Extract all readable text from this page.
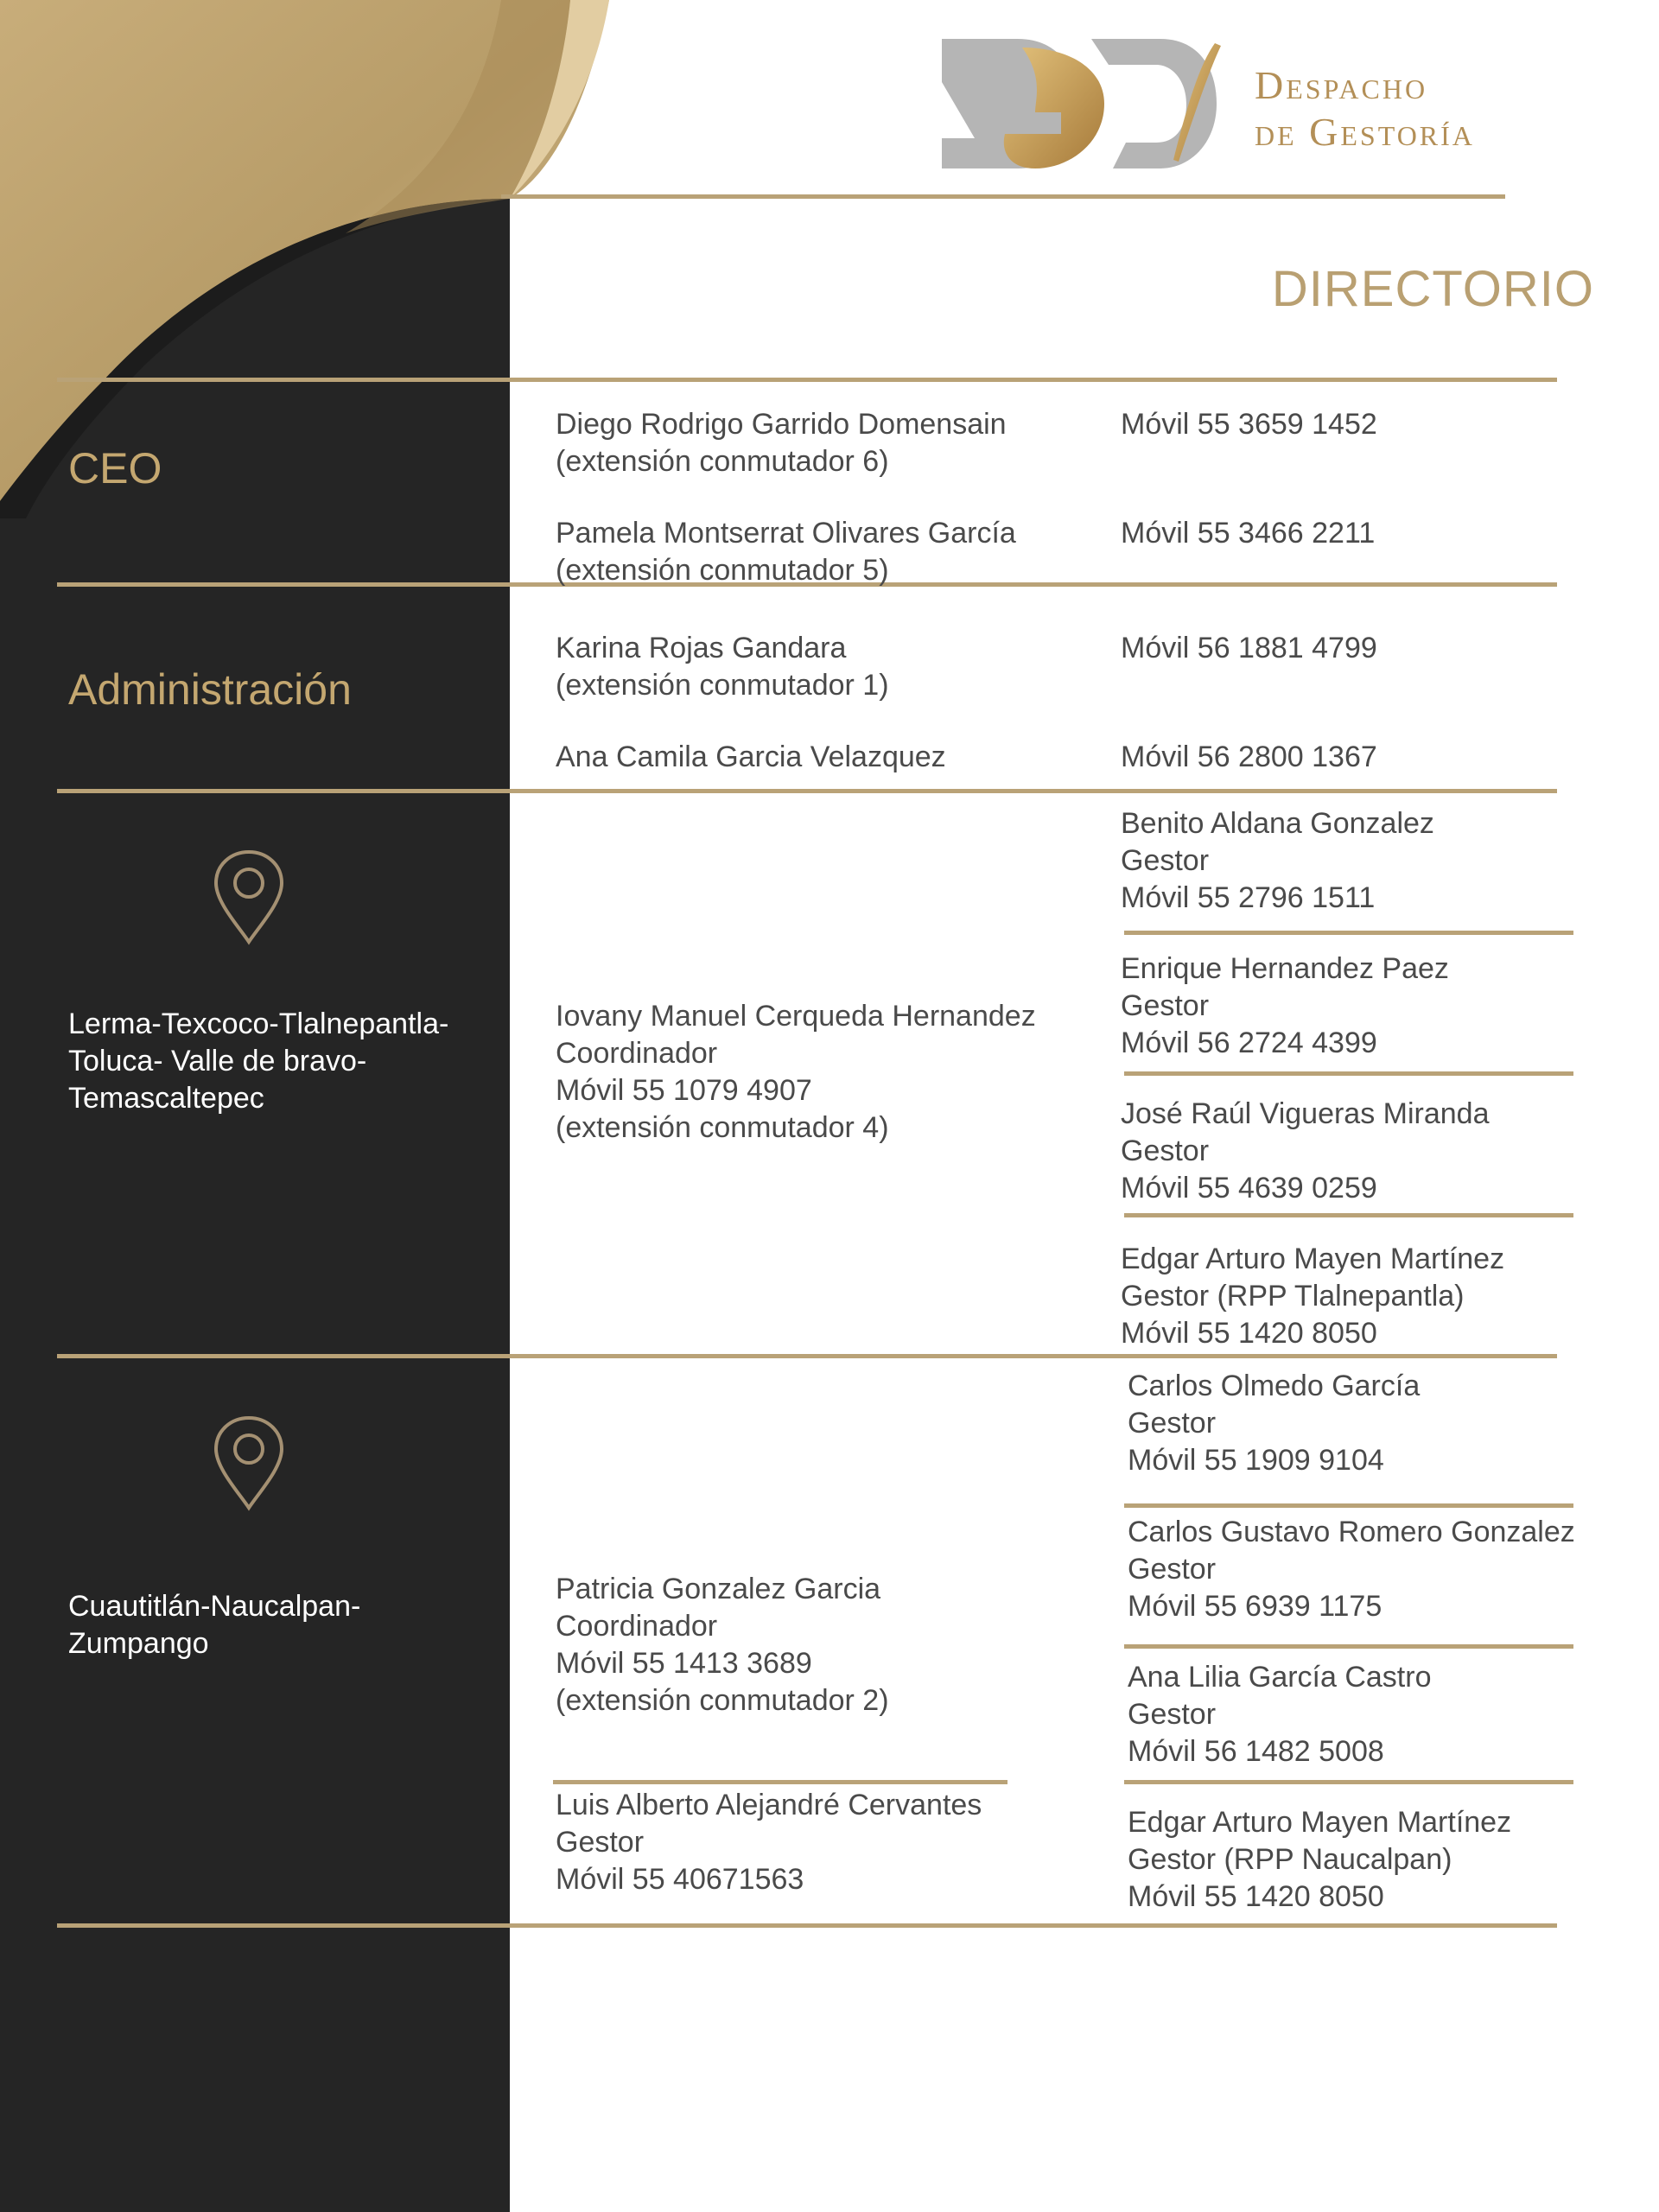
Despacho
de Gestoría
DIRECTORIO
CEO
Diego Rodrigo Garrido Domensain
(extensión conmutador 6)
Móvil 55 3659 1452
Pamela Montserrat Olivares García
(extensión conmutador 5)
Móvil 55 3466 2211
Administración
Karina Rojas Gandara
(extensión conmutador 1)
Móvil 56 1881 4799
Ana Camila Garcia Velazquez	Móvil 56 2800 1367
Lerma-Texcoco-Tlalnepantla-
Toluca- Valle de bravo-
Temascaltepec
Iovany Manuel Cerqueda Hernandez
Coordinador
Móvil 55 1079 4907
(extensión conmutador 4)
Benito Aldana Gonzalez
Gestor
Móvil 55 2796 1511
Enrique Hernandez Paez
Gestor
Móvil 56 2724 4399
José Raúl Vigueras Miranda
Gestor
Móvil 55 4639 0259
Edgar Arturo Mayen Martínez
Gestor (RPP Tlalnepantla)
Móvil 55 1420 8050
Cuautitlán-Naucalpan-
Zumpango
Patricia Gonzalez Garcia
Coordinador
Móvil 55 1413 3689
(extensión conmutador 2)
Luis Alberto Alejandré Cervantes
Gestor
Móvil 55 40671563
Carlos Olmedo García
Gestor
Móvil 55 1909 9104
Carlos Gustavo Romero Gonzalez
Gestor
Móvil 55 6939 1175
Ana Lilia García Castro
Gestor
Móvil 56 1482 5008
Edgar Arturo Mayen Martínez
Gestor (RPP Naucalpan)
Móvil 55 1420 8050
